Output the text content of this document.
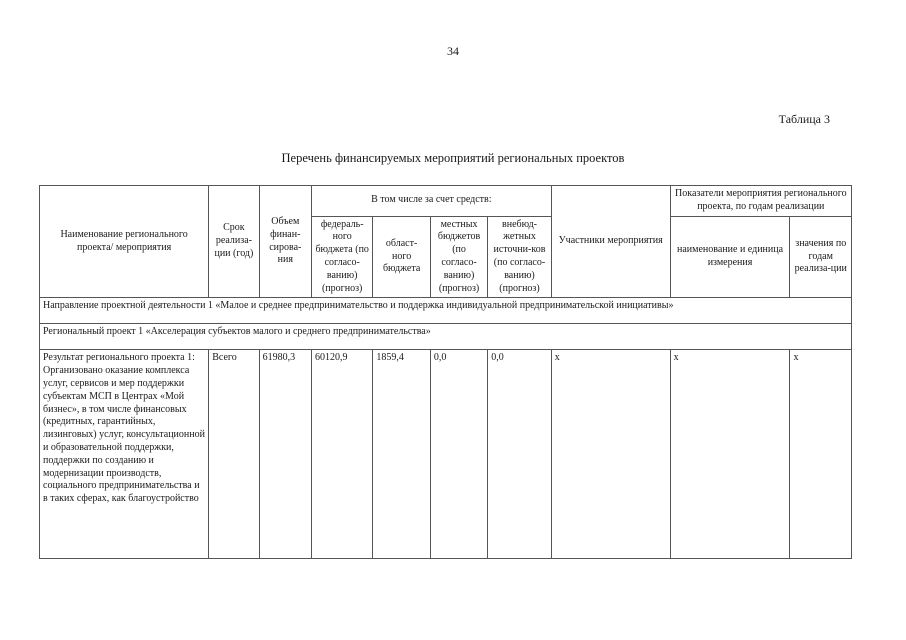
34
Таблица 3
Перечень финансируемых мероприятий региональных проектов
Наименование регионального проекта/ мероприятия	Срок реализа-ции (год)	Объем финан-сирова-ния	В том числе за счет средств:				Участники мероприятия	Показатели мероприятия регионального проекта, по годам реализации	
			федераль-ного бюджета (по согласо-ванию) (прогноз)	област-ного бюджета	местных бюджетов (по согласо-ванию) (прогноз)	внебюд-жетных источни-ков (по согласо-ванию) (прогноз)		наименование и единица измерения	значения по годам реализа-ции
Направление проектной деятельности 1 «Малое и среднее предпринимательство и поддержка индивидуальной предпринимательской инициативы»									
Региональный проект 1 «Акселерация субъектов малого и среднего предпринимательства»									
Результат регионального проекта 1: Организовано оказание комплекса услуг, сервисов и мер поддержки субъектам МСП в Центрах «Мой бизнес», в том числе финансовых (кредитных, гарантийных, лизинговых) услуг, консультационной и образовательной поддержки, поддержки по созданию и модернизации производств, социального предпринимательства и в таких сферах, как благоустройство	Всего	61980,3	60120,9	1859,4	0,0	0,0	x	x	x
